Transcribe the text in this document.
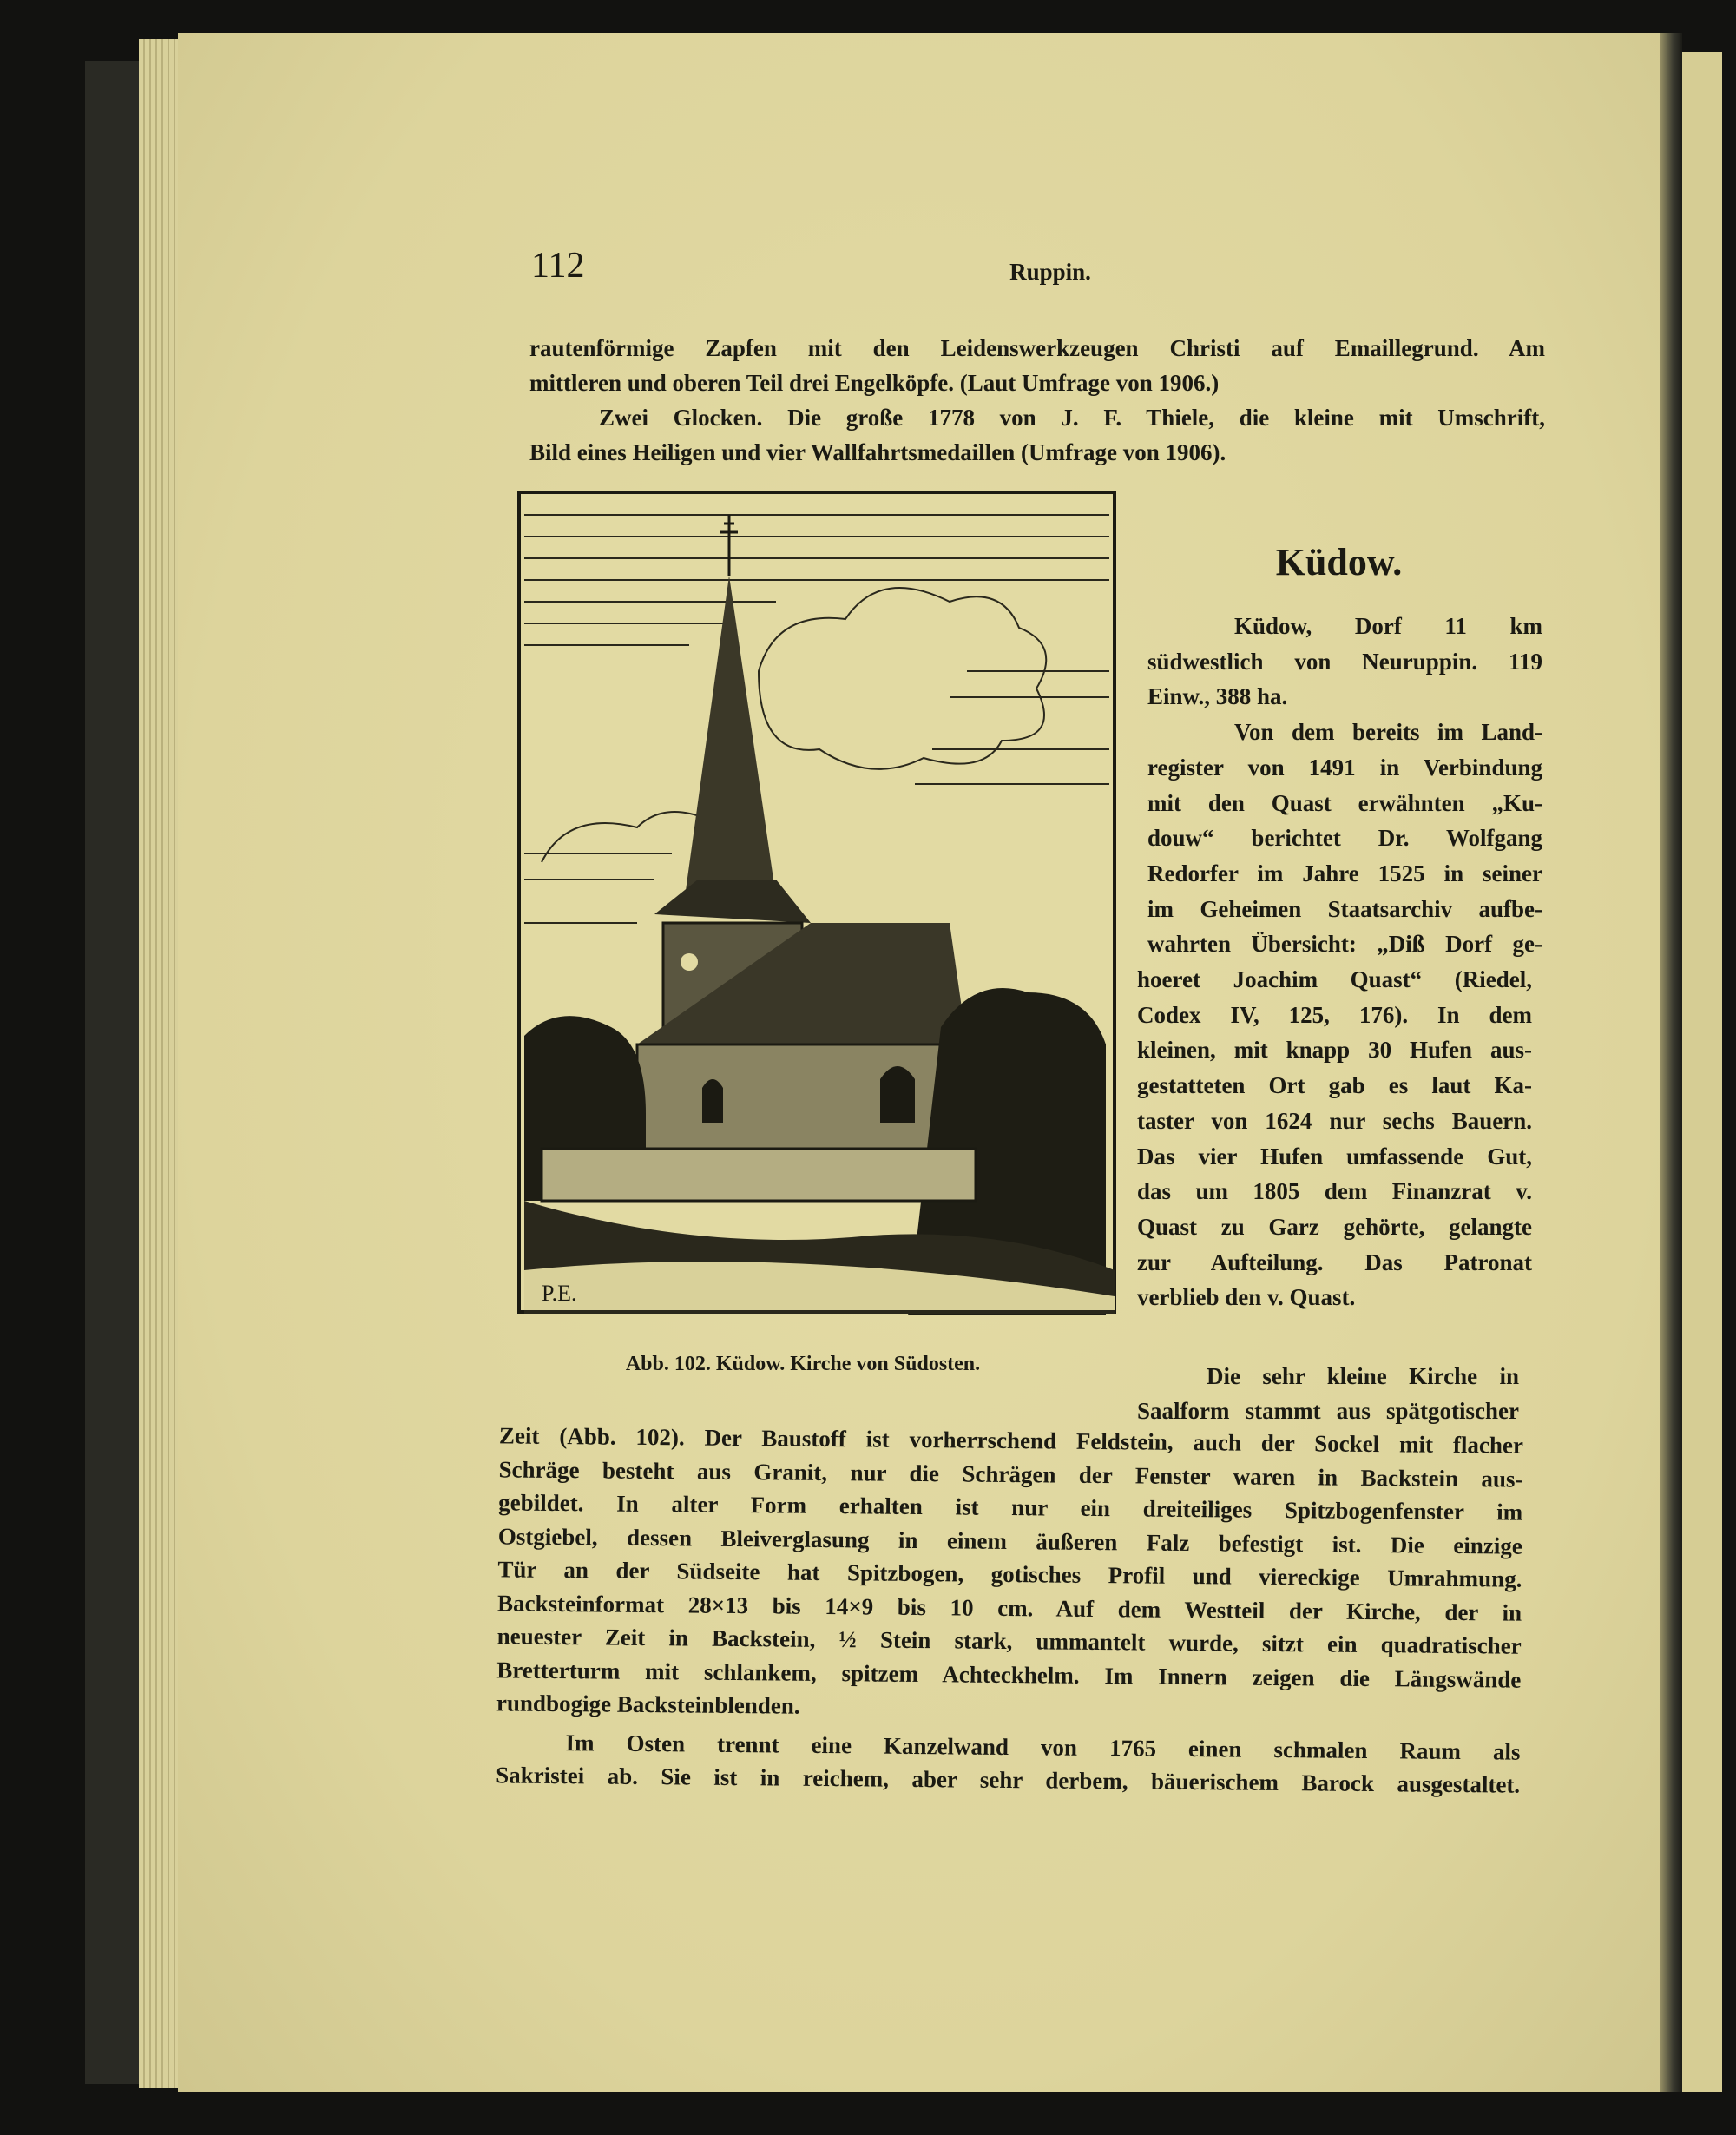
112	Ruppin.
rautenförmige Zapfen mit den Leidenswerkzeugen Christi auf Emaillegrund. Am
mittleren und oberen Teil drei Engelköpfe. (Laut Umfrage von 1906.)
Zwei Glocken. Die große 1778 von J. F. Thiele, die kleine mit Umschrift,
Bild eines Heiligen und vier Wallfahrtsmedaillen (Umfrage von 1906).
P.E.
Abb. 102. Küdow. Kirche von Südosten.
Küdow.
Küdow, Dorf 11 km
südwestlich von Neuruppin. 119
Einw., 388 ha.
Von dem bereits im Land-
register von 1491 in Verbindung
mit den Quast erwähnten „Ku-
douw“ berichtet Dr. Wolfgang
Redorfer im Jahre 1525 in seiner
im Geheimen Staatsarchiv aufbe-
wahrten Übersicht: „Diß Dorf ge-
hoeret Joachim Quast“ (Riedel,
Codex IV, 125, 176). In dem
kleinen, mit knapp 30 Hufen aus-
gestatteten Ort gab es laut Ka-
taster von 1624 nur sechs Bauern.
Das vier Hufen umfassende Gut,
das um 1805 dem Finanzrat v.
Quast zu Garz gehörte, gelangte
zur Aufteilung. Das Patronat
verblieb den v. Quast.
Die sehr kleine Kirche in
Saalform stammt aus spätgotischer
Zeit (Abb. 102). Der Baustoff ist vorherrschend Feldstein, auch der Sockel mit flacher
Schräge besteht aus Granit, nur die Schrägen der Fenster waren in Backstein aus-
gebildet. In alter Form erhalten ist nur ein dreiteiliges Spitzbogenfenster im
Ostgiebel, dessen Bleiverglasung in einem äußeren Falz befestigt ist. Die einzige
Tür an der Südseite hat Spitzbogen, gotisches Profil und viereckige Umrahmung.
Backsteinformat 28×13 bis 14×9 bis 10 cm. Auf dem Westteil der Kirche, der in
neuester Zeit in Backstein, ½ Stein stark, ummantelt wurde, sitzt ein quadratischer
Bretterturm mit schlankem, spitzem Achteckhelm. Im Innern zeigen die Längswände
rundbogige Backsteinblenden.
Im Osten trennt eine Kanzelwand von 1765 einen schmalen Raum als
Sakristei ab. Sie ist in reichem, aber sehr derbem, bäuerischem Barock ausgestaltet.
